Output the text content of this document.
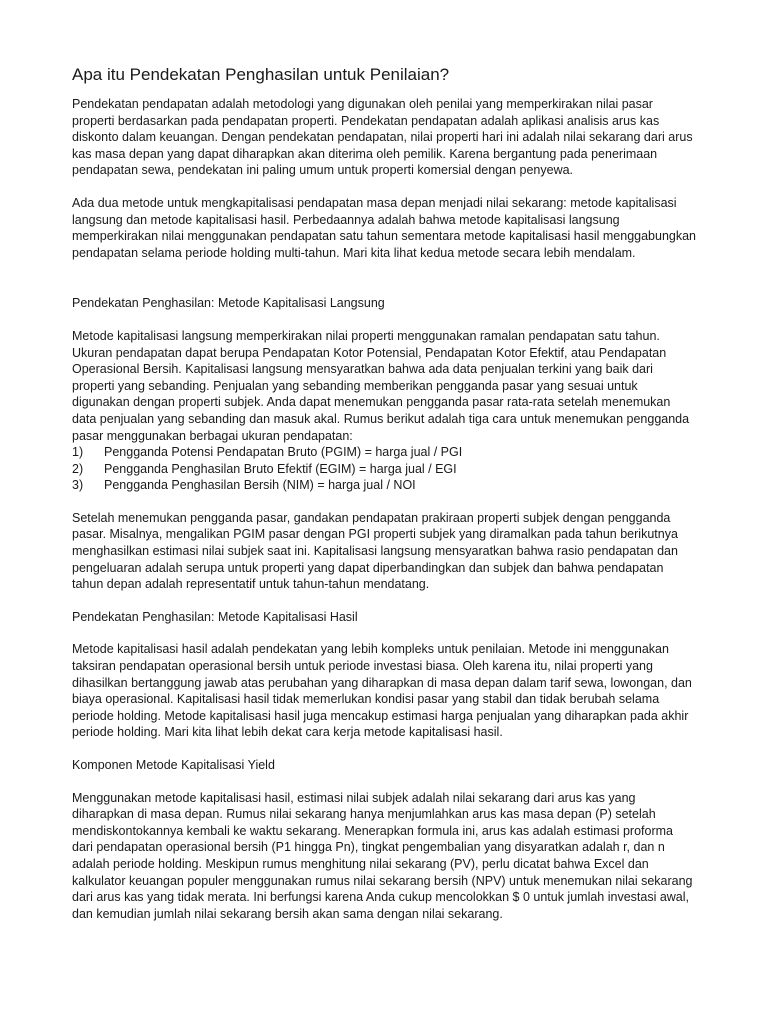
Apa itu Pendekatan Penghasilan untuk Penilaian?

Pendekatan pendapatan adalah metodologi yang digunakan oleh penilai yang memperkirakan nilai pasar properti berdasarkan pada pendapatan properti. Pendekatan pendapatan adalah aplikasi analisis arus kas diskonto dalam keuangan. Dengan pendekatan pendapatan, nilai properti hari ini adalah nilai sekarang dari arus kas masa depan yang dapat diharapkan akan diterima oleh pemilik. Karena bergantung pada penerimaan pendapatan sewa, pendekatan ini paling umum untuk properti komersial dengan penyewa.

Ada dua metode untuk mengkapitalisasi pendapatan masa depan menjadi nilai sekarang: metode kapitalisasi langsung dan metode kapitalisasi hasil. Perbedaannya adalah bahwa metode kapitalisasi langsung memperkirakan nilai menggunakan pendapatan satu tahun sementara metode kapitalisasi hasil menggabungkan pendapatan selama periode holding multi-tahun. Mari kita lihat kedua metode secara lebih mendalam.

Pendekatan Penghasilan: Metode Kapitalisasi Langsung

Metode kapitalisasi langsung memperkirakan nilai properti menggunakan ramalan pendapatan satu tahun. Ukuran pendapatan dapat berupa Pendapatan Kotor Potensial, Pendapatan Kotor Efektif, atau Pendapatan Operasional Bersih. Kapitalisasi langsung mensyaratkan bahwa ada data penjualan terkini yang baik dari properti yang sebanding. Penjualan yang sebanding memberikan pengganda pasar yang sesuai untuk digunakan dengan properti subjek. Anda dapat menemukan pengganda pasar rata-rata setelah menemukan data penjualan yang sebanding dan masuk akal. Rumus berikut adalah tiga cara untuk menemukan pengganda pasar menggunakan berbagai ukuran pendapatan:

1)	Pengganda Potensi Pendapatan Bruto (PGIM) = harga jual / PGI
2)	Pengganda Penghasilan Bruto Efektif (EGIM) = harga jual / EGI
3)	Pengganda Penghasilan Bersih (NIM) = harga jual / NOI

Setelah menemukan pengganda pasar, gandakan pendapatan prakiraan properti subjek dengan pengganda pasar. Misalnya, mengalikan PGIM pasar dengan PGI properti subjek yang diramalkan pada tahun berikutnya menghasilkan estimasi nilai subjek saat ini. Kapitalisasi langsung mensyaratkan bahwa rasio pendapatan dan pengeluaran adalah serupa untuk properti yang dapat diperbandingkan dan subjek dan bahwa pendapatan tahun depan adalah representatif untuk tahun-tahun mendatang.

Pendekatan Penghasilan: Metode Kapitalisasi Hasil

Metode kapitalisasi hasil adalah pendekatan yang lebih kompleks untuk penilaian. Metode ini menggunakan taksiran pendapatan operasional bersih untuk periode investasi biasa. Oleh karena itu, nilai properti yang dihasilkan bertanggung jawab atas perubahan yang diharapkan di masa depan dalam tarif sewa, lowongan, dan biaya operasional. Kapitalisasi hasil tidak memerlukan kondisi pasar yang stabil dan tidak berubah selama periode holding. Metode kapitalisasi hasil juga mencakup estimasi harga penjualan yang diharapkan pada akhir periode holding. Mari kita lihat lebih dekat cara kerja metode kapitalisasi hasil.

Komponen Metode Kapitalisasi Yield

Menggunakan metode kapitalisasi hasil, estimasi nilai subjek adalah nilai sekarang dari arus kas yang diharapkan di masa depan. Rumus nilai sekarang hanya menjumlahkan arus kas masa depan (P) setelah mendiskontokannya kembali ke waktu sekarang. Menerapkan formula ini, arus kas adalah estimasi proforma dari pendapatan operasional bersih (P1 hingga Pn), tingkat pengembalian yang disyaratkan adalah r, dan n adalah periode holding. Meskipun rumus menghitung nilai sekarang (PV), perlu dicatat bahwa Excel dan kalkulator keuangan populer menggunakan rumus nilai sekarang bersih (NPV) untuk menemukan nilai sekarang dari arus kas yang tidak merata. Ini berfungsi karena Anda cukup mencolokkan $ 0 untuk jumlah investasi awal, dan kemudian jumlah nilai sekarang bersih akan sama dengan nilai sekarang.
